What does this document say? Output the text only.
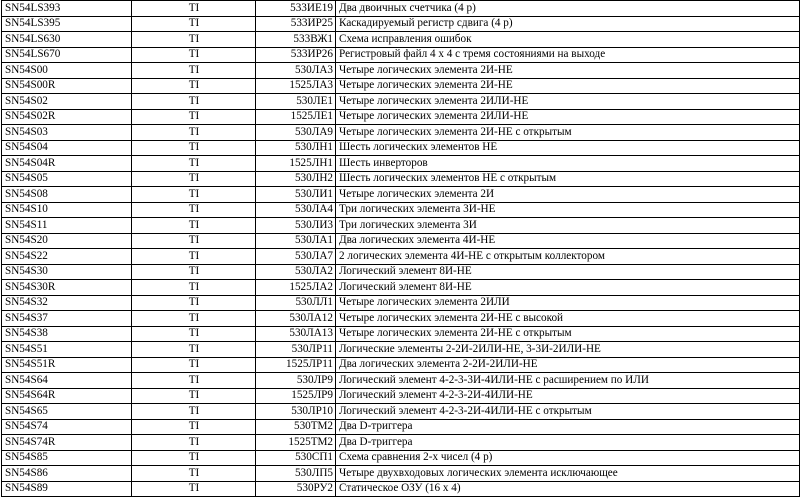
SN54LS393	TI	533ИЕ19	Два двоичных счетчика (4 р)
SN54LS395	TI	533ИР25	Каскадируемый регистр сдвига (4 р)
SN54LS630	TI	533ВЖ1	Схема исправления ошибок
SN54LS670	TI	533ИР26	Регистровый файл 4 х 4 с тремя состояниями на выходе
SN54S00	TI	530ЛА3	Четыре логических элемента 2И-НЕ
SN54S00R	TI	1525ЛА3	Четыре логических элемента 2И-НЕ
SN54S02	TI	530ЛЕ1	Четыре логических элемента 2ИЛИ-НЕ
SN54S02R	TI	1525ЛЕ1	Четыре логических элемента 2ИЛИ-НЕ
SN54S03	TI	530ЛА9	Четыре логических элемента 2И-НЕ с открытым
SN54S04	TI	530ЛН1	Шесть логических элементов НЕ
SN54S04R	TI	1525ЛН1	Шесть инверторов
SN54S05	TI	530ЛН2	Шесть логических элементов НЕ с открытым
SN54S08	TI	530ЛИ1	Четыре логических элемента 2И
SN54S10	TI	530ЛА4	Три логических элемента 3И-НЕ
SN54S11	TI	530ЛИ3	Три логических элемента 3И
SN54S20	TI	530ЛА1	Два логических элемента 4И-НЕ
SN54S22	TI	530ЛА7	2 логических элемента 4И-НЕ с открытым коллектором
SN54S30	TI	530ЛА2	Логический элемент 8И-НЕ
SN54S30R	TI	1525ЛА2	Логический элемент 8И-НЕ
SN54S32	TI	530ЛЛ1	Четыре логических элемента 2ИЛИ
SN54S37	TI	530ЛА12	Четыре логических элемента 2И-НЕ с высокой
SN54S38	TI	530ЛА13	Четыре логических элемента 2И-НЕ с открытым
SN54S51	TI	530ЛР11	Логические элементы 2-2И-2ИЛИ-НЕ, 3-3И-2ИЛИ-НЕ
SN54S51R	TI	1525ЛР11	Два логических элемента 2-2И-2ИЛИ-НЕ
SN54S64	TI	530ЛР9	Логический элемент 4-2-3-3И-4ИЛИ-НЕ с расширением по ИЛИ
SN54S64R	TI	1525ЛР9	Логический элемент 4-2-3-2И-4ИЛИ-НЕ
SN54S65	TI	530ЛР10	Логический элемент 4-2-3-2И-4ИЛИ-НЕ с открытым
SN54S74	TI	530ТМ2	Два D-триггера
SN54S74R	TI	1525ТМ2	Два D-триггера
SN54S85	TI	530СП1	Схема сравнения 2-х чисел (4 р)
SN54S86	TI	530ЛП5	Четыре двухвходовых логических элемента исключающее
SN54S89	TI	530РУ2	Статическое ОЗУ (16 х 4)
